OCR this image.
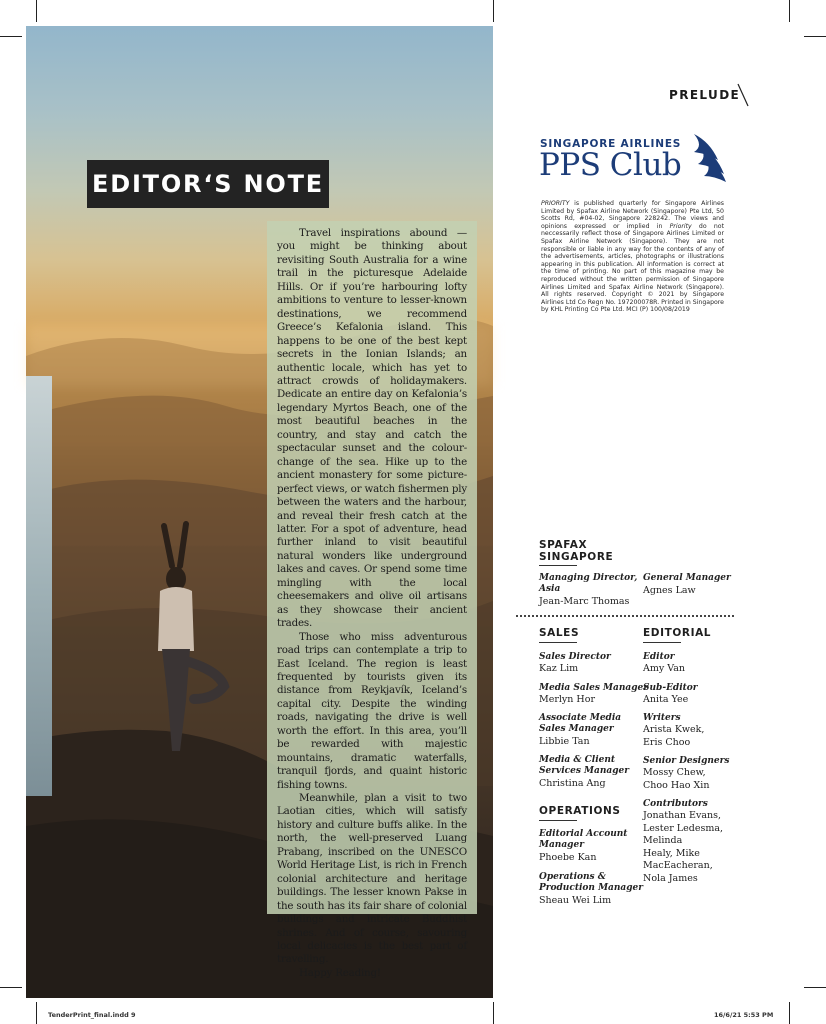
EDITOR‘S NOTE

Travel inspirations abound — you might be thinking about revisiting South Australia for a wine trail in the picturesque Adelaide Hills. Or if you’re harbouring lofty ambitions to venture to lesser-known destinations, we recommend Greece’s Kefalonia island. This happens to be one of the best kept secrets in the Ionian Islands; an authentic locale, which has yet to attract crowds of holidaymakers. Dedicate an entire day on Kefalonia’s legendary Myrtos Beach, one of the most beautiful beaches in the country, and stay and catch the spectacular sunset and the colour-change of the sea. Hike up to the ancient monastery for some picture-perfect views, or watch fishermen ply between the waters and the harbour, and reveal their fresh catch at the latter. For a spot of adventure, head further inland to visit beautiful natural wonders like underground lakes and caves. Or spend some time mingling with the local cheesemakers and olive oil artisans as they showcase their ancient trades.

Those who miss adventurous road trips can contemplate a trip to East Iceland. The region is least frequented by tourists given its distance from Reykjavík, Iceland’s capital city. Despite the winding roads, navigating the drive is well worth the effort. In this area, you’ll be rewarded with majestic mountains, dramatic waterfalls, tranquil fjords, and quaint historic fishing towns.

Meanwhile, plan a visit to two Laotian cities, which will satisfy history and culture buffs alike. In the north, the well-preserved Luang Prabang, inscribed on the UNESCO World Heritage List, is rich in French colonial architecture and heritage buildings. The lesser known Pakse in the south has its fair share of colonial buildings and intricate Buddhist shrines. And of course, savouring local delicacies is the best part of travelling.

Happy Reading!

PRELUDE
SINGAPORE AIRLINES
PPS Club
PRIORITY is published quarterly for Singapore Airlines Limited by Spafax Airline Network (Singapore) Pte Ltd, 50 Scotts Rd, #04-02, Singapore 228242. The views and opinions expressed or implied in Priority do not neccessarily reflect those of Singapore Airlines Limited or Spafax Airline Network (Singapore). They are not responsible or liable in any way for the contents of any of the advertisements, articles, photographs or illustrations appearing in this publication. All information is correct at the time of printing. No part of this magazine may be reproduced without the written permission of Singapore Airlines Limited and Spafax Airline Network (Singapore). All rights reserved. Copyright © 2021 by Singapore Airlines Ltd Co Regn No. 197200078R. Printed in Singapore by KHL Printing Co Pte Ltd. MCI (P) 100/08/2019
SPAFAX
SINGAPORE
Managing Director,
Asia
Jean-Marc Thomas
General Manager
Agnes Law
SALES
Sales Director
Kaz Lim
Media Sales Manager
Merlyn Hor
Associate Media
Sales Manager
Libbie Tan
Media & Client
Services Manager
Christina Ang
OPERATIONS
Editorial Account
Manager
Phoebe Kan
Operations &
Production Manager
Sheau Wei Lim
EDITORIAL
Editor
Amy Van
Sub-Editor
Anita Yee
Writers
Arista Kwek,
Eris Choo
Senior Designers
Mossy Chew,
Choo Hao Xin
Contributors
Jonathan Evans,
Lester Ledesma,
Melinda
Healy, Mike
MacEacheran,
Nola James
TenderPrint_final.indd 9	16/6/21 5:53 PM
